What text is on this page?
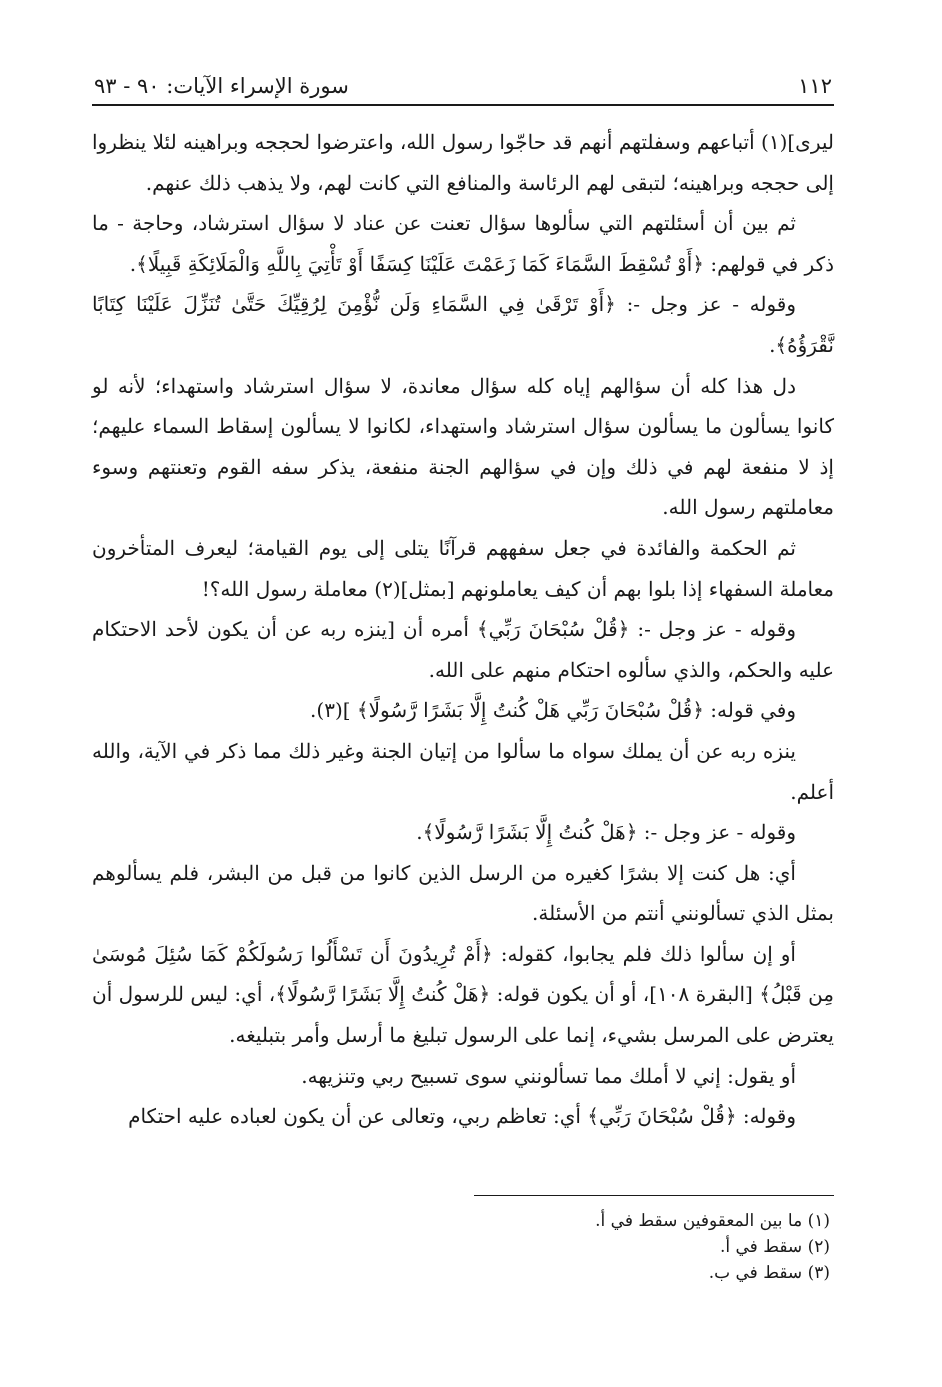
١١٢
سورة الإسراء الآيات: ٩٠ - ٩٣

ليرى](١) أتباعهم وسفلتهم أنهم قد حاجّوا رسول الله، واعترضوا لحججه وبراهينه لئلا ينظروا إلى حججه وبراهينه؛ لتبقى لهم الرئاسة والمنافع التي كانت لهم، ولا يذهب ذلك عنهم.

ثم بين أن أسئلتهم التي سألوها سؤال تعنت عن عناد لا سؤال استرشاد، وحاجة - ما ذكر في قولهم: ﴿أَوْ تُسْقِطَ السَّمَاءَ كَمَا زَعَمْتَ عَلَيْنَا كِسَفًا أَوْ تَأْتِيَ بِاللَّهِ وَالْمَلَائِكَةِ قَبِيلًا﴾.

وقوله - عز وجل -: ﴿أَوْ تَرْقَىٰ فِي السَّمَاءِ وَلَن نُّؤْمِنَ لِرُقِيِّكَ حَتَّىٰ تُنَزِّلَ عَلَيْنَا كِتَابًا نَّقْرَؤُهُ﴾.

دل هذا كله أن سؤالهم إياه كله سؤال معاندة، لا سؤال استرشاد واستهداء؛ لأنه لو كانوا يسألون ما يسألون سؤال استرشاد واستهداء، لكانوا لا يسألون إسقاط السماء عليهم؛ إذ لا منفعة لهم في ذلك وإن في سؤالهم الجنة منفعة، يذكر سفه القوم وتعنتهم وسوء معاملتهم رسول الله.

ثم الحكمة والفائدة في جعل سفههم قرآنًا يتلى إلى يوم القيامة؛ ليعرف المتأخرون معاملة السفهاء إذا بلوا بهم أن كيف يعاملونهم [بمثل](٢) معاملة رسول الله؟!

وقوله - عز وجل -: ﴿قُلْ سُبْحَانَ رَبِّي﴾ أمره أن [ينزه ربه عن أن يكون لأحد الاحتكام عليه والحكم، والذي سألوه احتكام منهم على الله.

وفي قوله: ﴿قُلْ سُبْحَانَ رَبِّي هَلْ كُنتُ إِلَّا بَشَرًا رَّسُولًا﴾ ](٣).

ينزه ربه عن أن يملك سواه ما سألوا من إتيان الجنة وغير ذلك مما ذكر في الآية، والله أعلم.

وقوله - عز وجل -: ﴿هَلْ كُنتُ إِلَّا بَشَرًا رَّسُولًا﴾.

أي: هل كنت إلا بشرًا كغيره من الرسل الذين كانوا من قبل من البشر، فلم يسألوهم بمثل الذي تسألونني أنتم من الأسئلة.

أو إن سألوا ذلك فلم يجابوا، كقوله: ﴿أَمْ تُرِيدُونَ أَن تَسْأَلُوا رَسُولَكُمْ كَمَا سُئِلَ مُوسَىٰ مِن قَبْلُ﴾ [البقرة ١٠٨]، أو أن يكون قوله: ﴿هَلْ كُنتُ إِلَّا بَشَرًا رَّسُولًا﴾، أي: ليس للرسول أن يعترض على المرسل بشيء، إنما على الرسول تبليغ ما أرسل وأمر بتبليغه.

أو يقول: إني لا أملك مما تسألونني سوى تسبيح ربي وتنزيهه.

وقوله: ﴿قُلْ سُبْحَانَ رَبِّي﴾ أي: تعاظم ربي، وتعالى عن أن يكون لعباده عليه احتكام

(١) ما بين المعقوفين سقط في أ.
(٢) سقط في أ.
(٣) سقط في ب.
